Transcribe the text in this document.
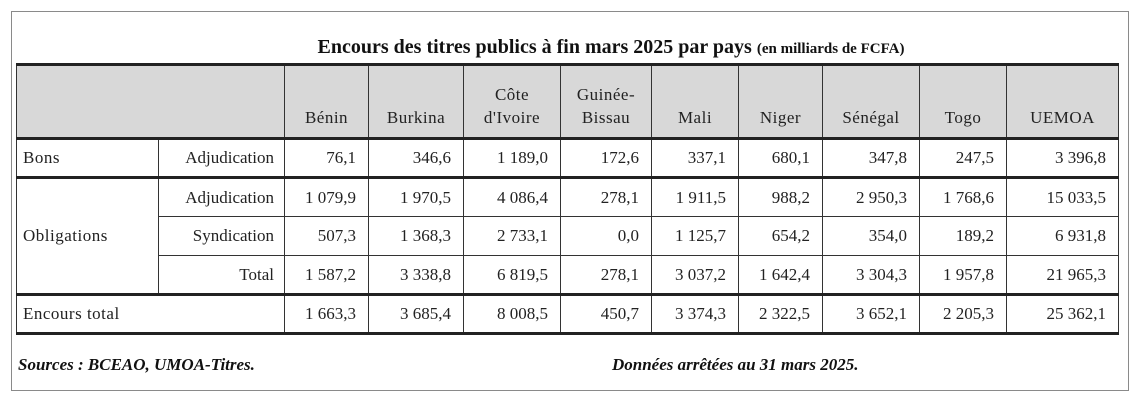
Encours des titres publics à fin mars 2025 par pays (en milliards de FCFA)
		Bénin	Burkina	Côte d'Ivoire	Guinée-Bissau	Mali	Niger	Sénégal	Togo	UEMOA
Bons	Adjudication	76,1	346,6	1 189,0	172,6	337,1	680,1	347,8	247,5	3 396,8
Obligations	Adjudication	1 079,9	1 970,5	4 086,4	278,1	1 911,5	988,2	2 950,3	1 768,6	15 033,5
	Syndication	507,3	1 368,3	2 733,1	0,0	1 125,7	654,2	354,0	189,2	6 931,8
	Total	1 587,2	3 338,8	6 819,5	278,1	3 037,2	1 642,4	3 304,3	1 957,8	21 965,3
Encours total		1 663,3	3 685,4	8 008,5	450,7	3 374,3	2 322,5	3 652,1	2 205,3	25 362,1
Sources : BCEAO, UMOA-Titres.	Données arrêtées au 31 mars 2025.
